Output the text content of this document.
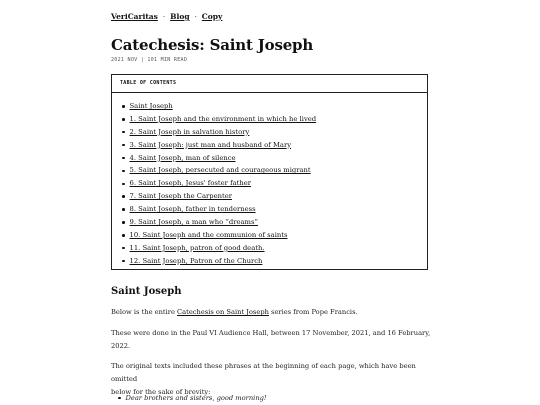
VeriCaritas · Blog · Copy
Catechesis: Saint Joseph
2021 NOV | 101 MIN READ
TABLE OF CONTENTS
Saint Joseph
1. Saint Joseph and the environment in which he lived
2. Saint Joseph in salvation history
3. Saint Joseph: just man and husband of Mary
4. Saint Joseph, man of silence
5. Saint Joseph, persecuted and courageous migrant
6. Saint Joseph, Jesus' foster father
7. Saint Joseph the Carpenter
8. Saint Joseph, father in tenderness
9. Saint Joseph, a man who “dreams”
10. Saint Joseph and the communion of saints
11. Saint Joseph, patron of good death.
12. Saint Joseph, Patron of the Church
Saint Joseph

Below is the entire Catechesis on Saint Joseph series from Pope Francis.

These were done in the Paul VI Audience Hall, between 17 November, 2021, and 16 February,
2022.

The original texts included these phrases at the beginning of each page, which have been omitted
below for the sake of brevity:

Dear brothers and sisters, good morning!
